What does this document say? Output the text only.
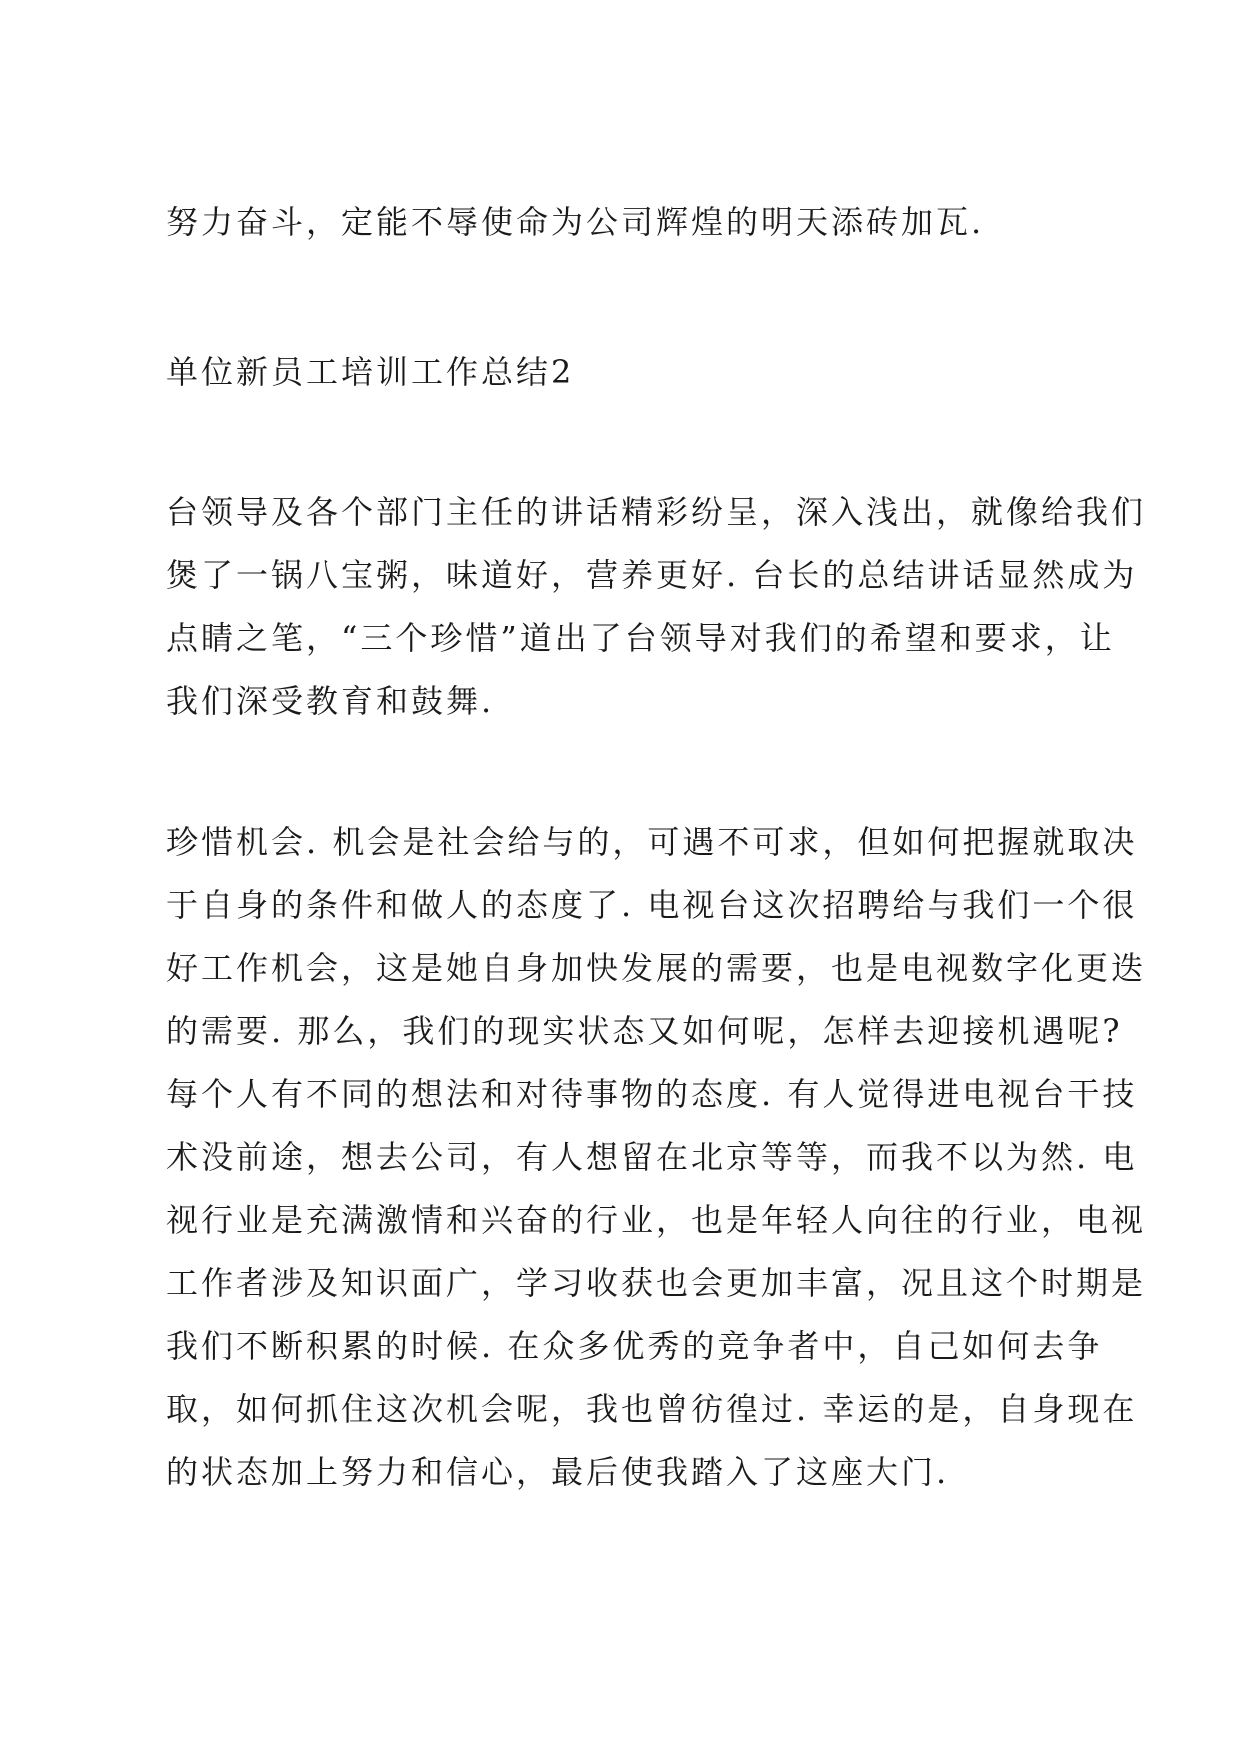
努力奋斗，定能不辱使命为公司辉煌的明天添砖加瓦.
单位新员工培训工作总结2
台领导及各个部门主任的讲话精彩纷呈，深入浅出，就像给我们
煲了一锅八宝粥，味道好，营养更好. 台长的总结讲话显然成为
点睛之笔，“三个珍惜”道出了台领导对我们的希望和要求，让
我们深受教育和鼓舞.
珍惜机会. 机会是社会给与的，可遇不可求，但如何把握就取决
于自身的条件和做人的态度了. 电视台这次招聘给与我们一个很
好工作机会，这是她自身加快发展的需要，也是电视数字化更迭
的需要. 那么，我们的现实状态又如何呢，怎样去迎接机遇呢?
每个人有不同的想法和对待事物的态度. 有人觉得进电视台干技
术没前途，想去公司，有人想留在北京等等，而我不以为然. 电
视行业是充满激情和兴奋的行业，也是年轻人向往的行业，电视
工作者涉及知识面广，学习收获也会更加丰富，况且这个时期是
我们不断积累的时候. 在众多优秀的竞争者中，自己如何去争
取，如何抓住这次机会呢，我也曾彷徨过. 幸运的是，自身现在
的状态加上努力和信心，最后使我踏入了这座大门.
